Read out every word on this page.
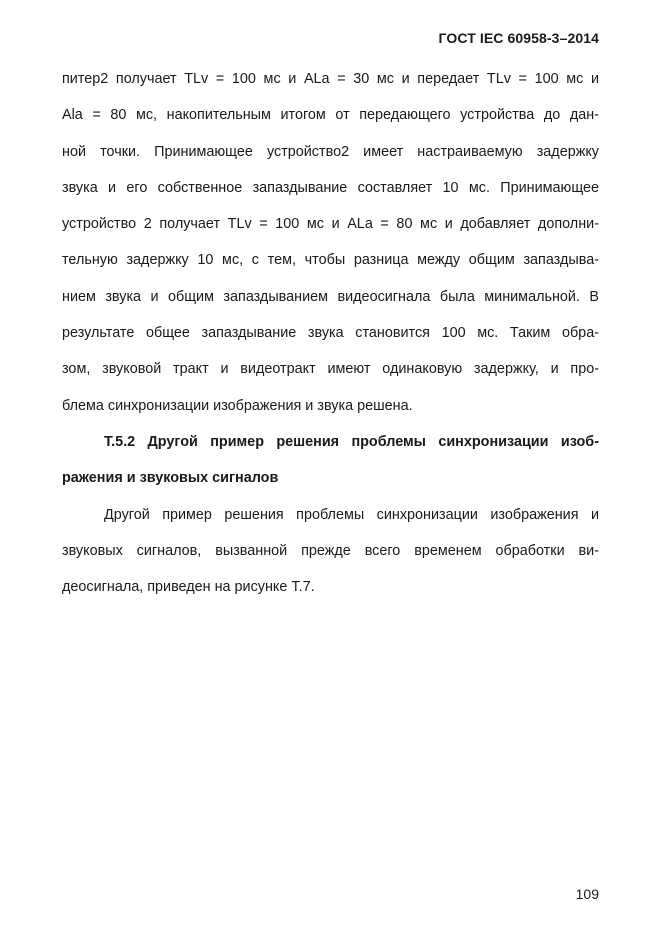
ГОСТ IEC 60958-3–2014

питер2 получает TLv = 100 мс и ALa = 30 мс и передает TLv = 100 мс и
Ala = 80 мс, накопительным итогом от передающего устройства до дан-
ной точки. Принимающее устройство2 имеет настраиваемую задержку
звука и его собственное запаздывание составляет 10 мс. Принимающее
устройство 2 получает TLv = 100 мс и ALa = 80 мс и добавляет дополни-
тельную задержку 10 мс, с тем, чтобы разница между общим запаздыва-
нием звука и общим запаздыванием видеосигнала была минимальной. В
результате общее запаздывание звука становится 100 мс. Таким обра-
зом, звуковой тракт и видеотракт имеют одинаковую задержку, и про-
блема синхронизации изображения и звука решена.

Т.5.2 Другой пример решения проблемы синхронизации изоб-
ражения и звуковых сигналов

Другой пример решения проблемы синхронизации изображения и
звуковых сигналов, вызванной прежде всего временем обработки ви-
деосигнала, приведен на рисунке Т.7.

109
